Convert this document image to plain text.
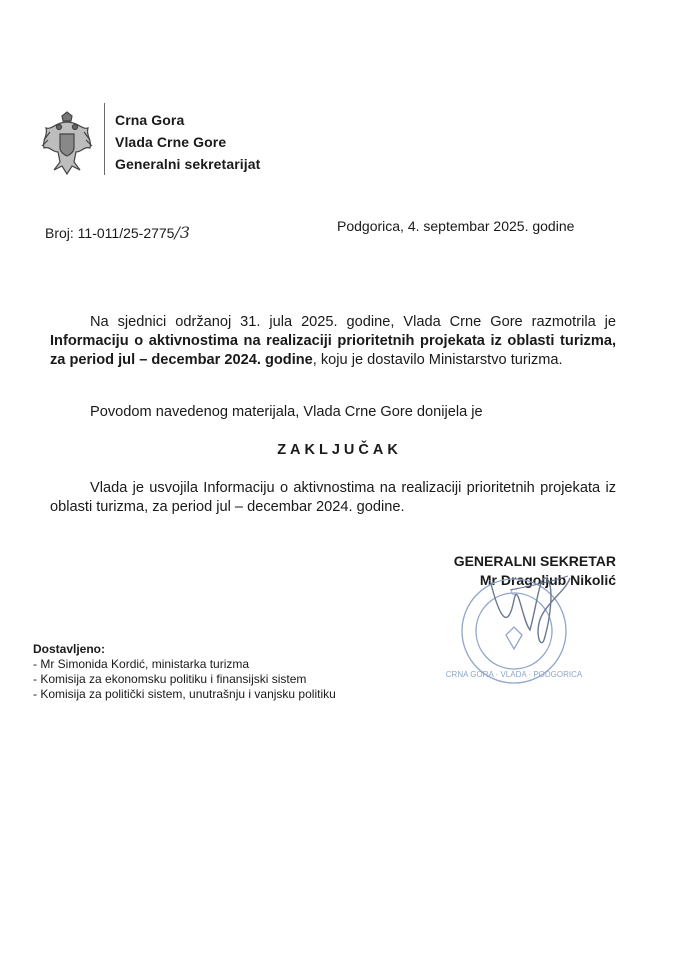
Crna Gora
Vlada Crne Gore
Generalni sekretarijat
Broj: 11-011/25-2775/3	Podgorica, 4. septembar 2025. godine
Na sjednici održanoj 31. jula 2025. godine, Vlada Crne Gore razmotrila je Informaciju o aktivnostima na realizaciji prioritetnih projekata iz oblasti turizma, za period jul – decembar 2024. godine, koju je dostavilo Ministarstvo turizma.
Povodom navedenog materijala, Vlada Crne Gore donijela je
ZAKLJUČAK
Vlada je usvojila Informaciju o aktivnostima na realizaciji prioritetnih projekata iz oblasti turizma, za period jul – decembar 2024. godine.
GENERALNI SEKRETAR
Mr Dragoljub Nikolić
C
CRNA GORA · VLADA · PODGORICA
Dostavljeno:
- Mr Simonida Kordić, ministarka turizma
- Komisija za ekonomsku politiku i finansijski sistem
- Komisija za politički sistem, unutrašnju i vanjsku politiku
